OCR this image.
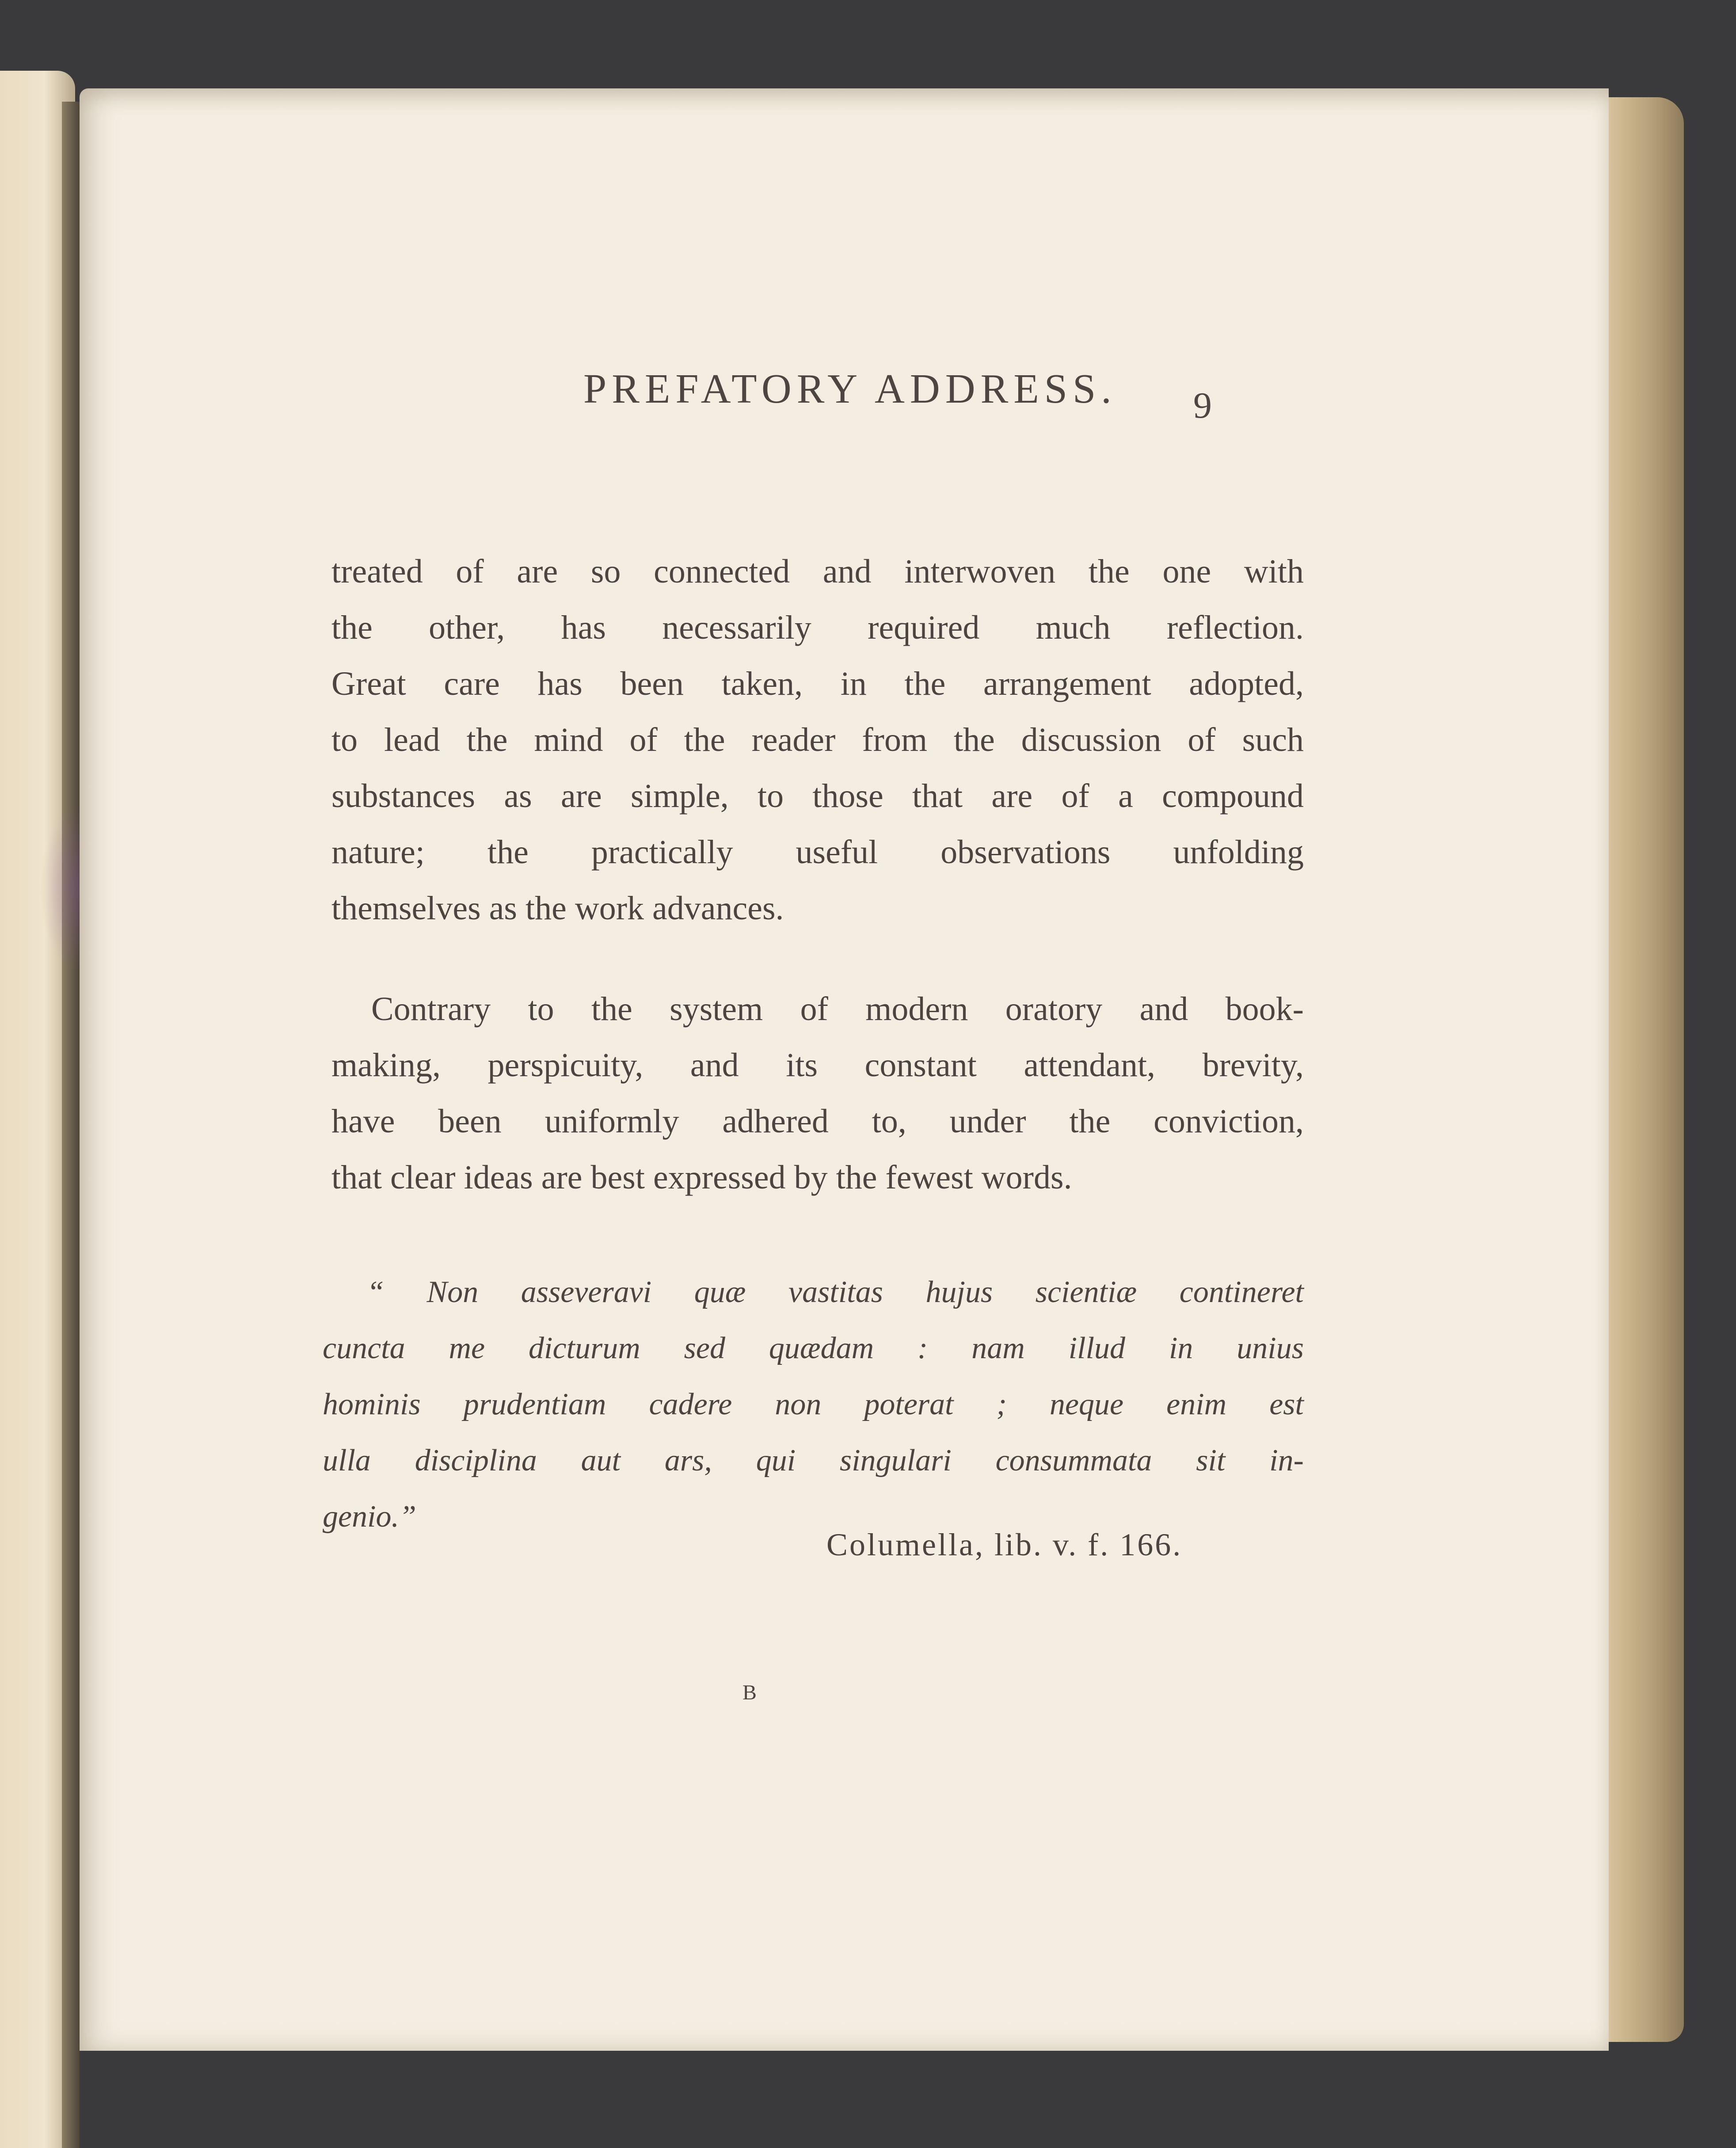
PREFATORY ADDRESS. 9

treated of are so connected and interwoven the one with
the other, has necessarily required much reflection.
Great care has been taken, in the arrangement adopted,
to lead the mind of the reader from the discussion of such
substances as are simple, to those that are of a compound
nature; the practically useful observations unfolding
themselves as the work advances.

Contrary to the system of modern oratory and book-
making, perspicuity, and its constant attendant, brevity,
have been uniformly adhered to, under the conviction,
that clear ideas are best expressed by the fewest words.

“ Non asseveravi quæ vastitas hujus scientiæ contineret
cuncta me dicturum sed quædam : nam illud in unius
hominis prudentiam cadere non poterat ; neque enim est
ulla disciplina aut ars, qui singulari consummata sit in-
genio.”

Columella, lib. v. f. 166.
B
